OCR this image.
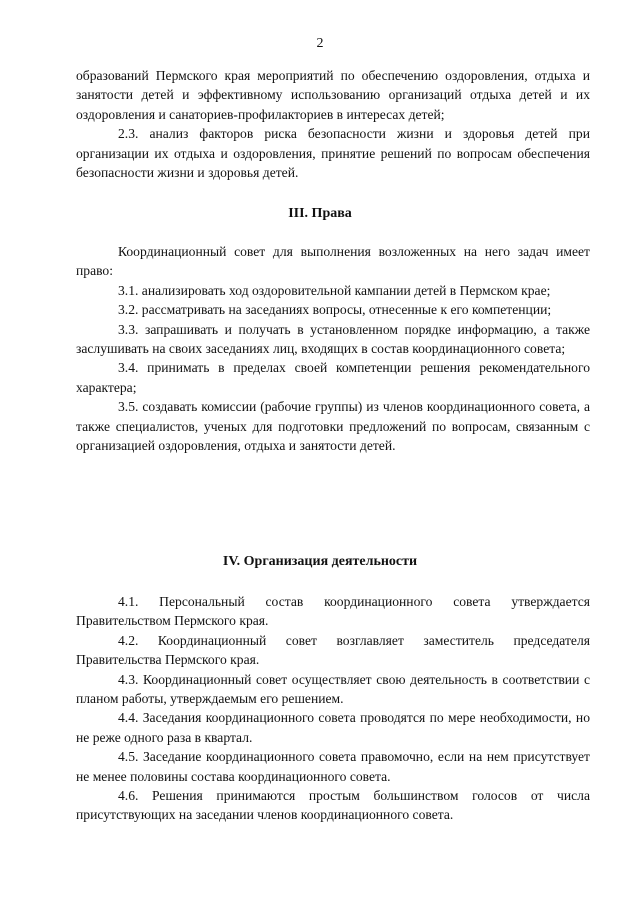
2

образований Пермского края мероприятий по обеспечению оздоровления, отдыха и занятости детей и эффективному использованию организаций отдыха детей и их оздоровления и санаториев-профилакториев в интересах детей;

2.3. анализ факторов риска безопасности жизни и здоровья детей при организации их отдыха и оздоровления, принятие решений по вопросам обеспечения безопасности жизни и здоровья детей.

III. Права

Координационный совет для выполнения возложенных на него задач имеет право:

3.1. анализировать ход оздоровительной кампании детей в Пермском крае;

3.2. рассматривать на заседаниях вопросы, отнесенные к его компетенции;

3.3. запрашивать и получать в установленном порядке информацию, а также заслушивать на своих заседаниях лиц, входящих в состав координационного совета;

3.4. принимать в пределах своей компетенции решения рекомендательного характера;

3.5. создавать комиссии (рабочие группы) из членов координационного совета, а также специалистов, ученых для подготовки предложений по вопросам, связанным с организацией оздоровления, отдыха и занятости детей.

IV. Организация деятельности

4.1. Персональный состав координационного совета утверждается Правительством Пермского края.

4.2. Координационный совет возглавляет заместитель председателя Правительства Пермского края.

4.3. Координационный совет осуществляет свою деятельность в соответствии с планом работы, утверждаемым его решением.

4.4. Заседания координационного совета проводятся по мере необходимости, но не реже одного раза в квартал.

4.5. Заседание координационного совета правомочно, если на нем присутствует не менее половины состава координационного совета.

4.6. Решения принимаются простым большинством голосов от числа присутствующих на заседании членов координационного совета.
